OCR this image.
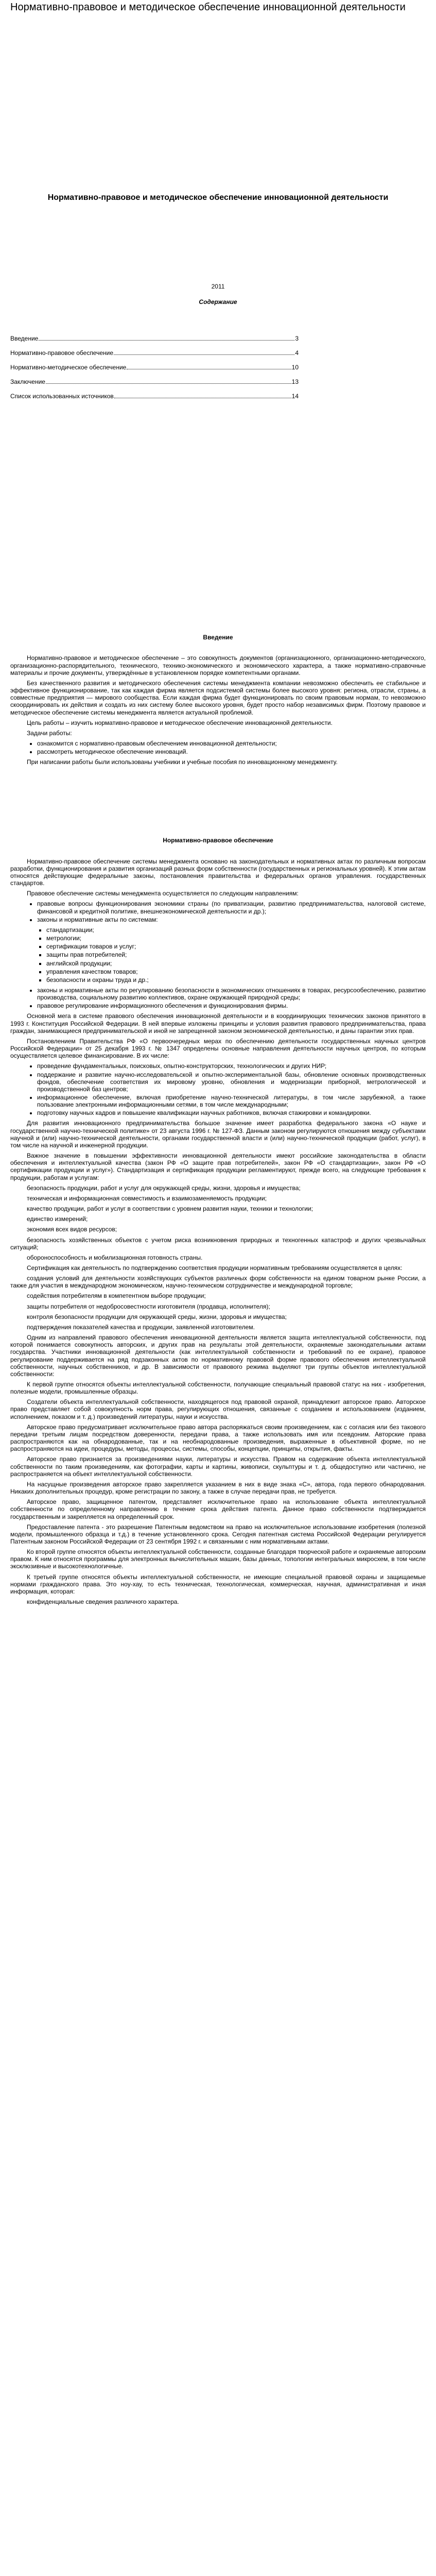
Нормативно-правовое и методическое обеспечение инновационной деятельности
Нормативно-правовое и методическое обеспечение инновационной деятельности
2011
Содержание
Введение	3
Нормативно-правовое обеспечение	4
Нормативно-методическое обеспечение	10
Заключение	13
Список использованных источников	14
Введение

Нормативно-правовое и методическое обеспечение – это совокупность документов (организационного, организационно-методического, организационно-распорядительного, технического, технико-экономического и экономического характера, а также нормативно-справочные материалы и прочие документы, утверждённые в установленном порядке компетентными органами.

Без качественного развития и методического обеспечения системы менеджмента компании невозможно обеспечить ее стабильное и эффективное функционирование, так как каждая фирма является подсистемой системы более высокого уровня: региона, отрасли, страны, а совместные предприятия — мирового сообщества. Если каждая фирма будет функционировать по своим правовым нормам, то невозможно скоординировать их действия и создать из них систему более высокого уровня, будет просто набор независимых фирм. Поэтому правовое и методическое обеспечение системы менеджмента является актуальной проблемой.

Цель работы – изучить нормативно-правовое и методическое обеспечение инновационной деятельности.

Задачи работы:

• ознакомится с нормативно-правовым обеспечением инновационной деятельности;
• рассмотреть методическое обеспечение инноваций.

При написании работы были использованы учебники и учебные пособия по инновационному менеджменту.

Нормативно-правовое обеспечение

Нормативно-правовое обеспечение системы менеджмента основано на законодательных и нормативных актах по различным вопросам разработки, функционирования и развития организаций разных форм собственности (государственных и региональных уровней). К этим актам относятся действующие федеральные законы, постановления правительства и федеральных органов управления. государственных стандартов.

Правовое обеспечение системы менеджмента осуществляется по следующим направлениям:

• правовые вопросы функционирования экономики страны (по приватизации, развитию предпринимательства, налоговой системе, финансовой и кредитной политике, внешнеэкономической деятельности и др.);
• законы и нормативные акты по системам:
▪ стандартизации;
▪ метрологии;
▪ сертификации товаров и услуг;
▪ защиты прав потребителей;
▪ английской продукции;
▪ управления качеством товаров;
▪ безопасности и охраны труда и др.;
• законы и нормативные акты по регулированию безопасности в экономических отношениях в товарах, ресурсообеспечению, развитию производства, социальному развитию коллективов, охране окружающей природной среды;
• правовое регулирование информационного обеспечения и функционирования фирмы.

Основной мега в системе правового обеспечения инновационной деятельности и в координирующих технических законов принятого в 1993 г. Конституция Российской Федерации. В ней впервые изложены принципы и условия развития правового предпринимательства, права граждан, занимающиеся предпринимательской и иной не запрещенной законом экономической деятельностью, и даны гарантии этих прав.

Постановлением Правительства РФ «О первоочередных мерах по обеспечению деятельности государственных научных центров Российской Федерации» от 25 декабря 1993 г. № 1347 определены основные направления деятельности научных центров, по которым осуществляется целевое финансирование. В их числе:

• проведение фундаментальных, поисковых, опытно-конструкторских, технологических и других НИР;
• поддержание и развитие научно-исследовательской и опытно-экспериментальной базы, обновление основных производственных фондов, обеспечение соответствия их мировому уровню, обновления и модернизации приборной, метрологической и производственной баз центров;
• информационное обеспечение, включая приобретение научно-технической литературы, в том числе зарубежной, а также пользование электронными информационными сетями, в том числе международными;
• подготовку научных кадров и повышение квалификации научных работников, включая стажировки и командировки.

Для развития инновационного предпринимательства большое значение имеет разработка федерального закона «О науке и государственной научно-технической политике» от 23 августа 1996 г. № 127-ФЗ. Данным законом регулируются отношения между субъектами научной и (или) научно-технической деятельности, органами государственной власти и (или) научно-технической продукции (работ, услуг), в том числе на научной и инженерной продукции.

Важное значение в повышении эффективности инновационной деятельности имеют российские законодательства в области обеспечения и интеллектуальной качества (закон РФ «О защите прав потребителей», закон РФ «О стандартизации», закон РФ «О сертификации продукции и услуг»). Стандартизация и сертификация продукции регламентируют, прежде всего, на следующие требования к продукции, работам и услугам:

безопасность продукции, работ и услуг для окружающей среды, жизни, здоровья и имущества;

техническая и информационная совместимость и взаимозаменяемость продукции;

качество продукции, работ и услуг в соответствии с уровнем развития науки, техники и технологии;

единство измерений;

экономия всех видов ресурсов;

безопасность хозяйственных объектов с учетом риска возникновения природных и техногенных катастроф и других чрезвычайных ситуаций;

обороноспособность и мобилизационная готовность страны.

Сертификация как деятельность по подтверждению соответствия продукции нормативным требованиям осуществляется в целях:

создания условий для деятельности хозяйствующих субъектов различных форм собственности на едином товарном рынке России, а также для участия в международном экономическом, научно-техническом сотрудничестве и международной торговле;

содействия потребителям в компетентном выборе продукции;

защиты потребителя от недобросовестности изготовителя (продавца, исполнителя);

контроля безопасности продукции для окружающей среды, жизни, здоровья и имущества;

подтверждения показателей качества и продукции, заявленной изготовителем.

Одним из направлений правового обеспечения инновационной деятельности является защита интеллектуальной собственности, под которой понимается совокупность авторских, и других прав на результаты этой деятельности, охраняемые законодательными актами государства. Участники инновационной деятельности (как интеллектуальной собственности и требований по ее охране), правовое регулирование поддерживается на ряд подзаконных актов по нормативному правовой форме правового обеспечения интеллектуальной собственности, научных собственников, и др. В зависимости от правового режима выделяют три группы объектов интеллектуальной собственности:

К первой группе относятся объекты интеллектуальной собственности, получающие специальный правовой статус на них - изобретения, полезные модели, промышленные образцы.

Создатели объекта интеллектуальной собственности, находящегося под правовой охраной, принадлежит авторское право. Авторское право представляет собой совокупность норм права, регулирующих отношения, связанные с созданием и использованием (изданием, исполнением, показом и т. д.) произведений литературы, науки и искусства.

Авторское право предусматривает исключительное право автора распоряжаться своим произведением, как с согласия или без такового передачи третьим лицам посредством доверенности, передачи права, а также использовать имя или псевдоним. Авторские права распространяются как на обнародованные, так и на необнародованные произведения, выраженные в объективной форме, но не распространяются на идеи, процедуры, методы, процессы, системы, способы, концепции, принципы, открытия, факты.

Авторское право признается за произведениями науки, литературы и искусства. Правом на содержание объекта интеллектуальной собственности по таким произведениям, как фотографии, карты и картины, живописи, скульптуры и т. д. общедоступно или частично, не распространяется на объект интеллектуальной собственности.

На насущные произведения авторское право закрепляется указанием в них в виде знака «С», автора, года первого обнародования. Никаких дополнительных процедур, кроме регистрации по закону, а также в случае передачи прав, не требуется.

Авторское право, защищенное патентом, представляет исключительное право на использование объекта интеллектуальной собственности по определенному направлению в течение срока действия патента. Данное право собственности подтверждается государственным и закрепляется на определенный срок.

Предоставление патента - это разрешение Патентным ведомством на право на исключительное использование изобретения (полезной модели, промышленного образца и т.д.) в течение установленного срока. Сегодня патентная система Российской Федерации регулируется Патентным законом Российской Федерации от 23 сентября 1992 г. и связанными с ним нормативными актами.

Ко второй группе относятся объекты интеллектуальной собственности, созданные благодаря творческой работе и охраняемые авторским правом. К ним относятся программы для электронных вычислительных машин, базы данных, топологии интегральных микросхем, в том числе эксклюзивные и высокотехнологичные.

К третьей группе относятся объекты интеллектуальной собственности, не имеющие специальной правовой охраны и защищаемые нормами гражданского права. Это ноу-хау, то есть техническая, технологическая, коммерческая, научная, административная и иная информация, которая:

конфиденциальные сведения различного характера.
